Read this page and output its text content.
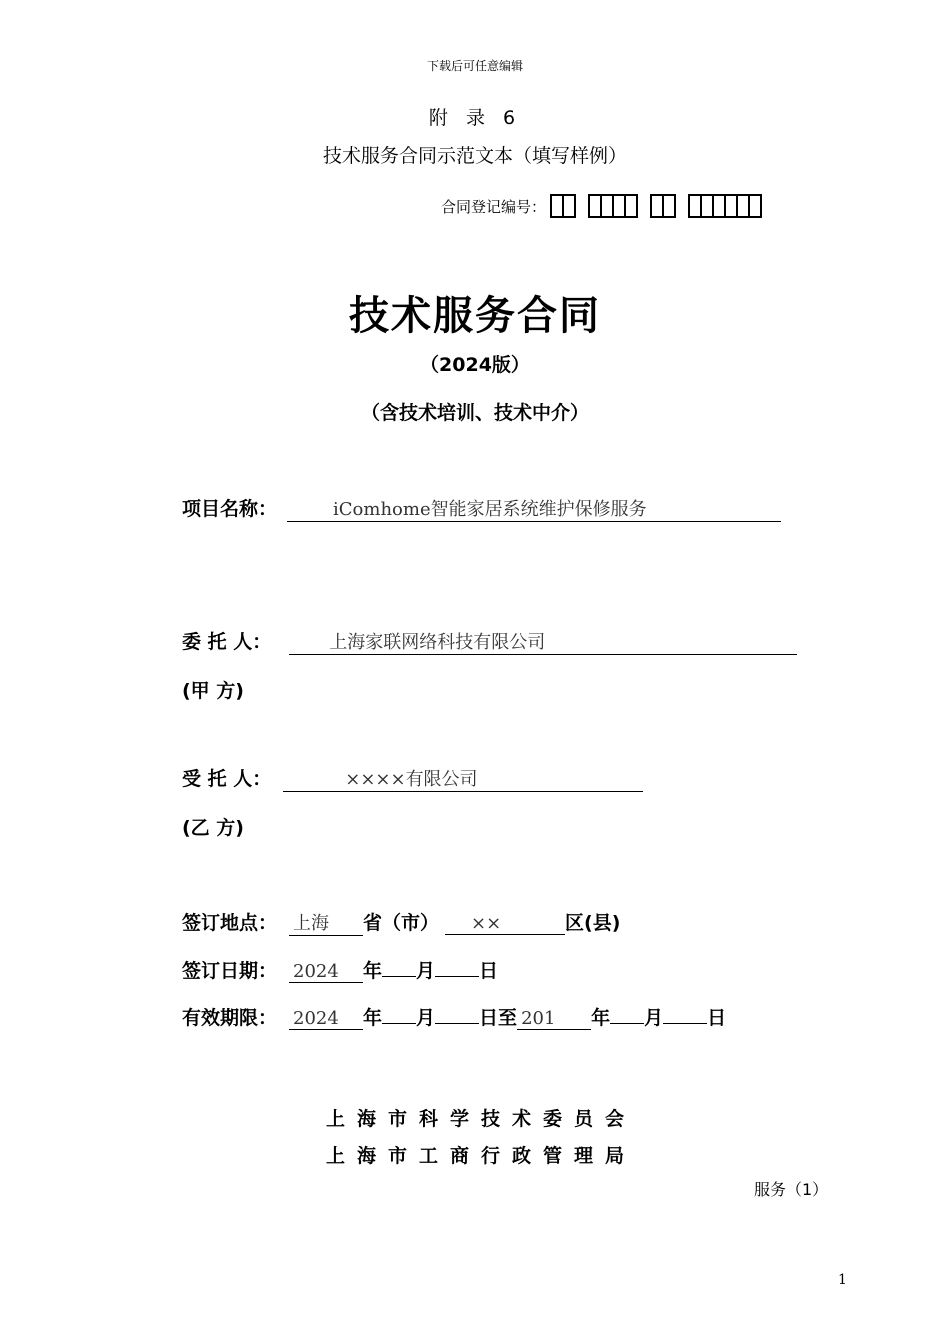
下载后可任意编辑
附 录 6
技术服务合同示范文本（填写样例）
合同登记编号：
技术服务合同
（2024版）
（含技术培训、技术中介）
项目名称：	iComhome智能家居系统维护保修服务
委 托 人：	上海家联网络科技有限公司
(甲 方)
受 托 人：	××××有限公司
(乙 方)
签订地点： 上海	省（市）	××	区(县)
签订日期： 2024	年 月 日
有效期限： 2024	年 月 日至 201	年 月 日
上海市科学技术委员会
上海市工商行政管理局
服务（1）
1
